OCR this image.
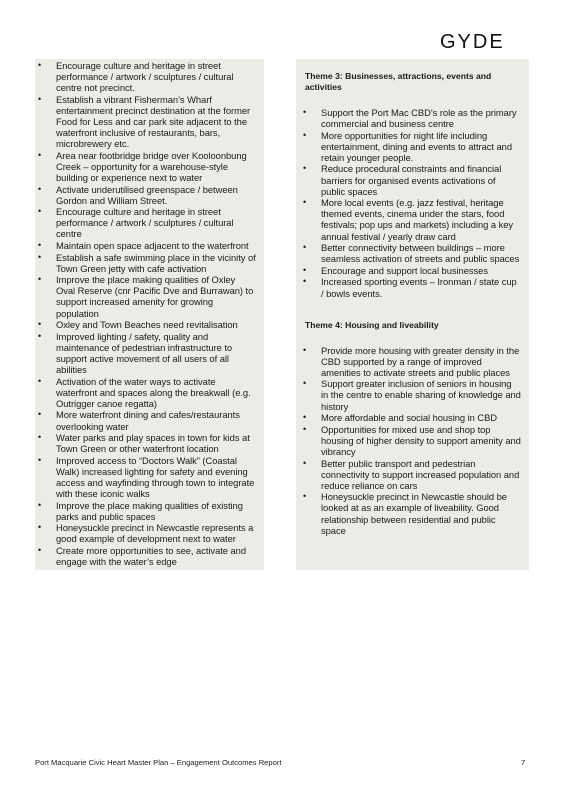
GYDE
• Encourage culture and heritage in street performance / artwork / sculptures / cultural centre not precinct.
• Establish a vibrant Fisherman’s Wharf entertainment precinct destination at the former Food for Less and car park site adjacent to the waterfront inclusive of restaurants, bars, microbrewery etc.
• Area near footbridge bridge over Kooloonbung Creek – opportunity for a warehouse-style building or experience next to water
• Activate underutilised greenspace / between Gordon and William Street.
• Encourage culture and heritage in street performance / artwork / sculptures / cultural centre
• Maintain open space adjacent to the waterfront
• Establish a safe swimming place in the vicinity of Town Green jetty with cafe activation
• Improve the place making qualities of Oxley Oval Reserve (cnr Pacific Dve and Burrawan) to support increased amenity for growing population
• Oxley and Town Beaches need revitalisation
• Improved lighting / safety, quality and maintenance of pedestrian infrastructure to support active movement of all users of all abilities
• Activation of the water ways to activate waterfront and spaces along the breakwall (e.g. Outrigger canoe regatta)
• More waterfront dining and cafes/restaurants overlooking water
• Water parks and play spaces in town for kids at Town Green or other waterfront location
• Improved access to “Doctors Walk” (Coastal Walk) increased lighting for safety and evening access and wayfinding through town to integrate with these iconic walks
• Improve the place making qualities of existing parks and public spaces
• Honeysuckle precinct in Newcastle represents a good example of development next to water
• Create more opportunities to see, activate and engage with the water’s edge
Theme 3: Businesses, attractions, events and activities
• Support the Port Mac CBD’s role as the primary commercial and business centre
• More opportunities for night life including entertainment, dining and events to attract and retain younger people.
• Reduce procedural constraints and financial barriers for organised events activations of public spaces
• More local events (e.g. jazz festival, heritage themed events, cinema under the stars, food festivals; pop ups and markets) including a key annual festival / yearly draw card
• Better connectivity between buildings – more seamless activation of streets and public spaces
• Encourage and support local businesses
• Increased sporting events – Ironman / state cup / bowls events.
Theme 4: Housing and liveability
• Provide more housing with greater density in the CBD supported by a range of improved amenities to activate streets and public places
• Support greater inclusion of seniors in housing in the centre to enable sharing of knowledge and history
• More affordable and social housing in CBD
• Opportunities for mixed use and shop top housing of higher density to support amenity and vibrancy
• Better public transport and pedestrian connectivity to support increased population and reduce reliance on cars
• Honeysuckle precinct in Newcastle should be looked at as an example of liveability. Good relationship between residential and public space
Port Macquarie Civic Heart Master Plan – Engagement Outcomes Report	7
